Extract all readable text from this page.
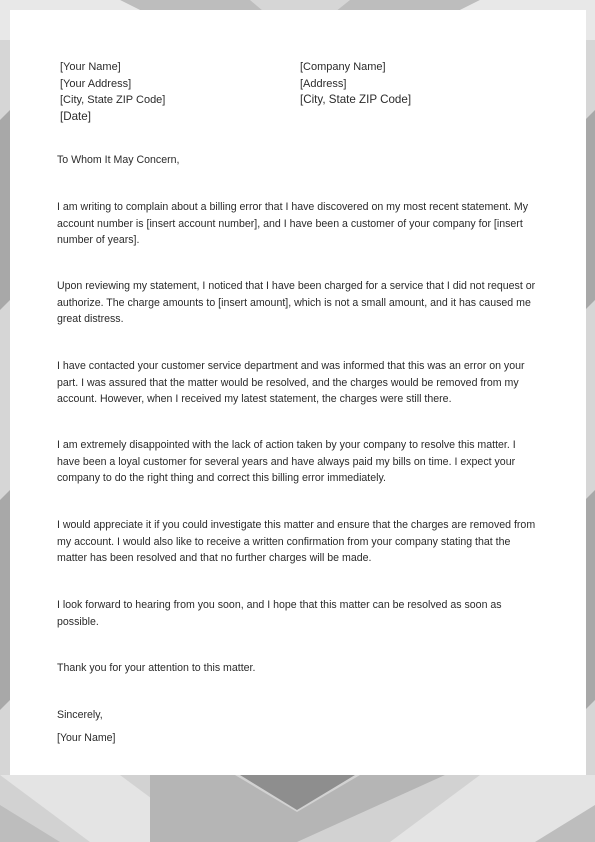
[Your Name]
[Your Address]
[City, State ZIP Code]
[Date]
[Company Name]
[Address]
[City, State ZIP Code]

To Whom It May Concern,

I am writing to complain about a billing error that I have discovered on my most recent statement. My account number is [insert account number], and I have been a customer of your company for [insert number of years].

Upon reviewing my statement, I noticed that I have been charged for a service that I did not request or authorize. The charge amounts to [insert amount], which is not a small amount, and it has caused me great distress.

I have contacted your customer service department and was informed that this was an error on your part. I was assured that the matter would be resolved, and the charges would be removed from my account. However, when I received my latest statement, the charges were still there.

I am extremely disappointed with the lack of action taken by your company to resolve this matter. I have been a loyal customer for several years and have always paid my bills on time. I expect your company to do the right thing and correct this billing error immediately.

I would appreciate it if you could investigate this matter and ensure that the charges are removed from my account. I would also like to receive a written confirmation from your company stating that the matter has been resolved and that no further charges will be made.

I look forward to hearing from you soon, and I hope that this matter can be resolved as soon as possible.

Thank you for your attention to this matter.

Sincerely,

[Your Name]
